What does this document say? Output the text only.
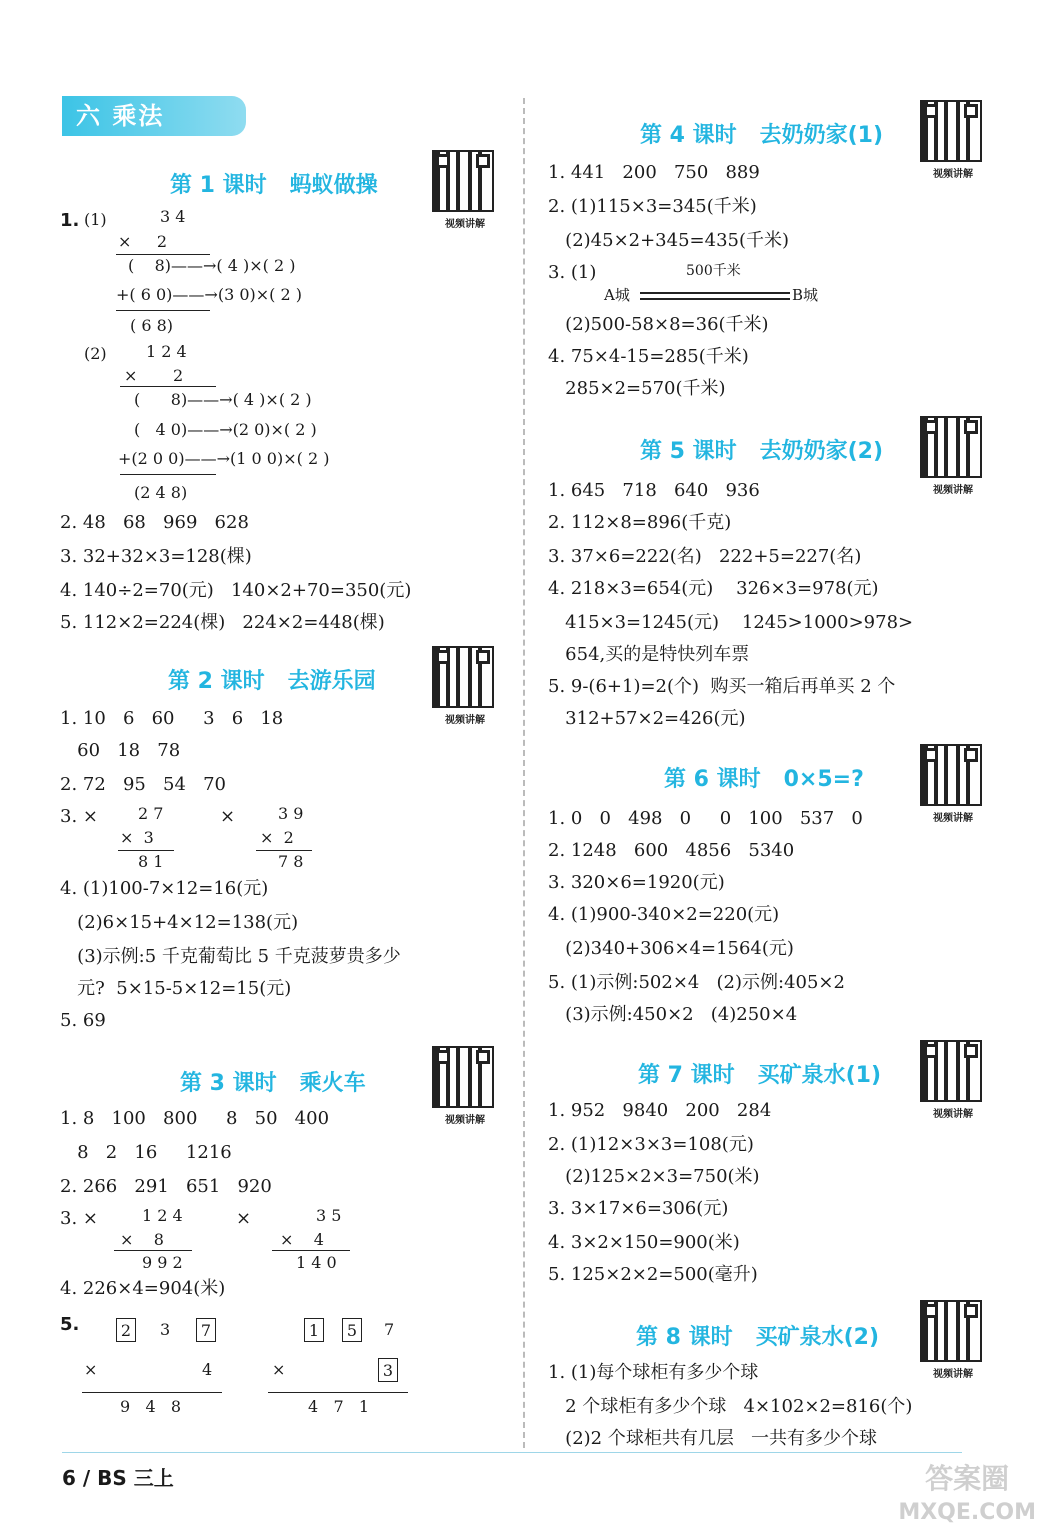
六 乘法
第 1 课时   蚂蚁做操
视频讲解
1. (1)	3 4
×     2
(    8)——→( 4 )×( 2 )
+( 6 0)——→(3 0)×( 2 )
( 6 8)
(2) 1 2 4
×       2
(      8)——→( 4 )×( 2 )
(   4 0)——→(2 0)×( 2 )
+(2 0 0)——→(1 0 0)×( 2 )
(2 4 8)
2. 48   68   969   628
3. 32+32×3=128(棵)
4. 140÷2=70(元)   140×2+70=350(元)
5. 112×2=224(棵)   224×2=448(棵)
第 2 课时   去游乐园
视频讲解
1. 10   6   60     3   6   18
60   18   78
2. 72   95   54   70
3. ×	2 7
×  3
8 1
×	3 9
×  2
7 8
4. (1)100-7×12=16(元)
(2)6×15+4×12=138(元)
(3)示例:5 千克葡萄比 5 千克菠萝贵多少
元?  5×15-5×12=15(元)
5. 69
第 3 课时   乘火车
视频讲解
1. 8   100   800     8   50   400
8   2   16     1216
2. 266   291   651   920
3. ×	1 2 4
×    8
9 9 2
×	3 5
×    4
1 4 0
4. 226×4=904(米)
5.	2	3	7
×	4
9   4   8
1	5	7
×	3
4   7   1
第 4 课时   去奶奶家(1)
视频讲解
1. 441   200   750   889
2. (1)115×3=345(千米)
(2)45×2+345=435(千米)
3. (1)	500千米
A城	B城
(2)500-58×8=36(千米)
4. 75×4-15=285(千米)
285×2=570(千米)
第 5 课时   去奶奶家(2)
视频讲解
1. 645   718   640   936
2. 112×8=896(千克)
3. 37×6=222(名)   222+5=227(名)
4. 218×3=654(元)    326×3=978(元)
415×3=1245(元)    1245>1000>978>
654,买的是特快列车票
5. 9-(6+1)=2(个)  购买一箱后再单买 2 个
312+57×2=426(元)
第 6 课时   0×5=?
视频讲解
1. 0   0   498   0     0   100   537   0
2. 1248   600   4856   5340
3. 320×6=1920(元)
4. (1)900-340×2=220(元)
(2)340+306×4=1564(元)
5. (1)示例:502×4   (2)示例:405×2
(3)示例:450×2   (4)250×4
第 7 课时   买矿泉水(1)
视频讲解
1. 952   9840   200   284
2. (1)12×3×3=108(元)
(2)125×2×3=750(米)
3. 3×17×6=306(元)
4. 3×2×150=900(米)
5. 125×2×2=500(毫升)
第 8 课时   买矿泉水(2)
视频讲解
1. (1)每个球柜有多少个球
2 个球柜有多少个球   4×102×2=816(个)
(2)2 个球柜共有几层   一共有多少个球
6 / BS 三上	答案圈
MXQE.COM
